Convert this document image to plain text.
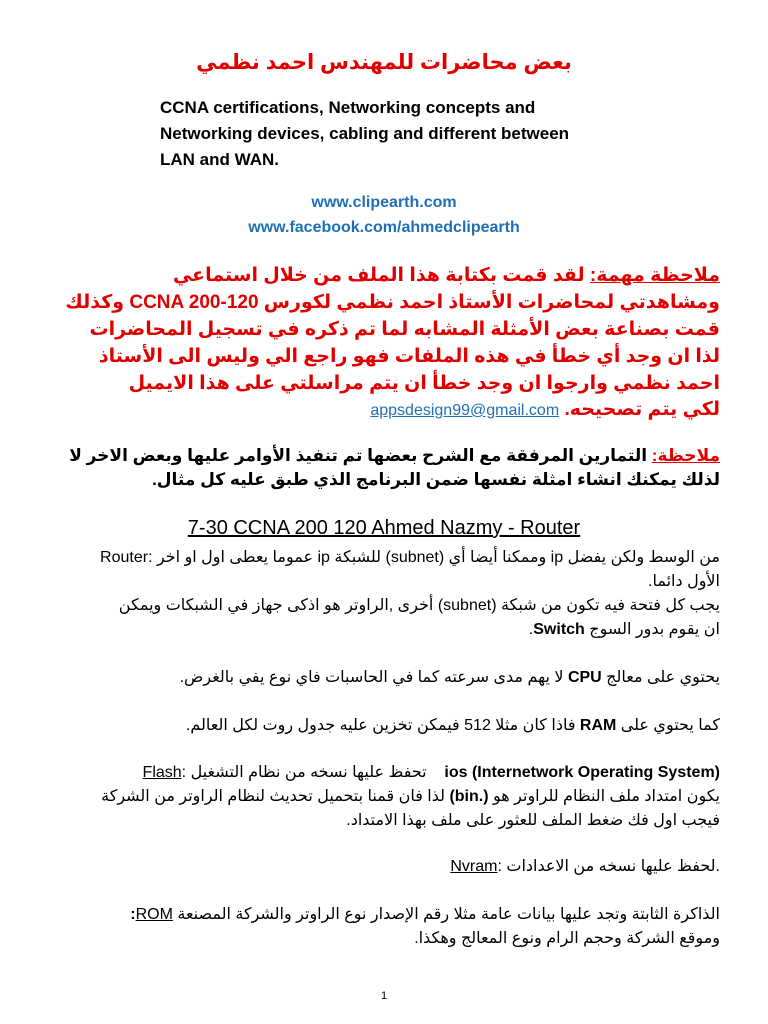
بعض محاضرات للمهندس احمد نظمي
CCNA certifications, Networking concepts and
Networking devices, cabling and different between
LAN and WAN.
www.clipearth.com
www.facebook.com/ahmedclipearth
ملاحظة مهمة: لقد قمت بكتابة هذا الملف من خلال استماعي
ومشاهدتي لمحاضرات الأستاذ احمد نظمي لكورس CCNA 200-120 وكذلك
قمت بصناعة بعض الأمثلة المشابه لما تم ذكره في تسجيل المحاضرات
لذا ان وجد أي خطأ في هذه الملفات فهو راجع الي وليس الى الأستاذ
احمد نظمي وارجوا ان وجد خطأ ان يتم مراسلتي على هذا الايميل
لكي يتم تصحيحه. appsdesign99@gmail.com
ملاحظة: التمارين المرفقة مع الشرح بعضها تم تنفيذ الأوامر عليها وبعض الاخر لا
لذلك يمكنك انشاء امثلة نفسها ضمن البرنامج الذي طبق عليه كل مثال.
7-30 CCNA 200 120 Ahmed Nazmy - Router
Router: عموما يعطى اول او اخر ip للشبكة (subnet) وممكنا أيضا أي ip من الوسط ولكن يفضل
الأول دائما.
يجب كل فتحة فيه تكون من شبكة (subnet) أخرى ,الراوتر هو اذكى جهاز في الشبكات ويمكن
ان يقوم بدور السوج Switch.
يحتوي على معالج CPU لا يهم مدى سرعته كما في الحاسبات فاي نوع يفي بالغرض.
كما يحتوي على RAM فاذا كان مثلا 512 فيمكن تخزين عليه جدول روت لكل العالم.
Flash: تحفظ عليها نسخه من نظام التشغيل ios (Internetwork Operating System)
يكون امتداد ملف النظام للراوتر هو (.bin) لذا فان قمنا بتحميل تحديث لنظام الراوتر من الشركة
فيجب اول فك ضغط الملف للعثور على ملف بهذا الامتداد.
Nvram: لحفظ عليها نسخه من الاعدادات.
:ROM الذاكرة الثابتة وتجد عليها بيانات عامة مثلا رقم الإصدار نوع الراوتر والشركة المصنعة
وموقع الشركة وحجم الرام ونوع المعالج وهكذا.
1
